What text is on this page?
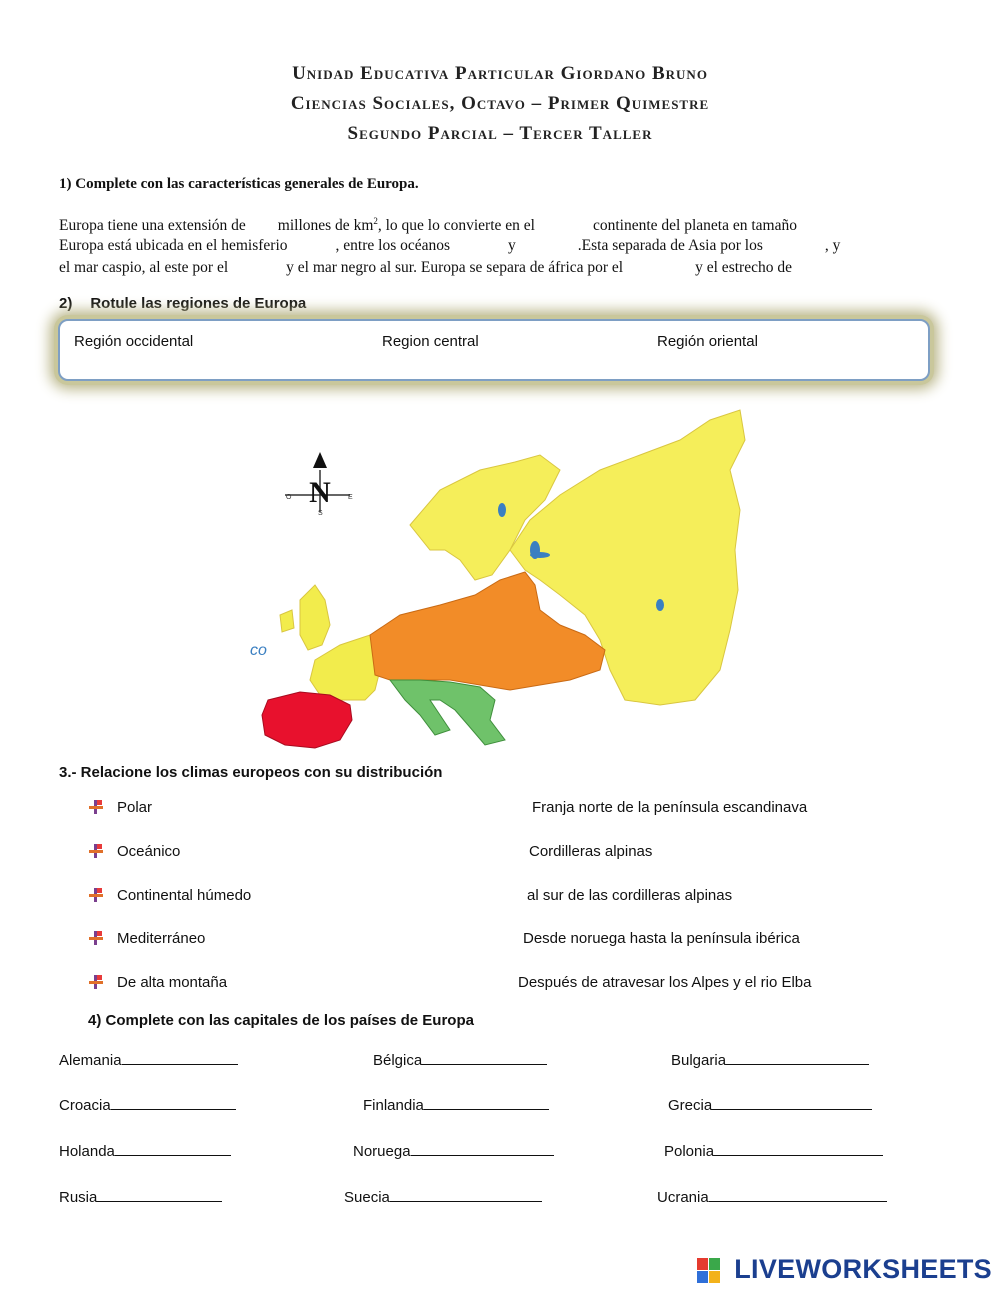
Unidad Educativa Particular Giordano Bruno
Ciencias Sociales, Octavo – Primer Quimestre
Segundo Parcial – Tercer Taller
1) Complete con las características generales de Europa.
Europa tiene una extensión de millones de $km^2$, lo que lo convierte en el	continente del planeta en tamaño
Europa está ubicada en el hemisferio	, entre los océanos	y	.Esta separada de Asia por los	, y
el mar caspio, al este por el	y el mar negro al sur. Europa se separa de áfrica por el	y el estrecho de
2) Rotule las regiones de Europa
Región occidental	Region central	Región oriental
N
O	E
S
co
3.- Relacione los climas europeos con su distribución
Polar	Franja norte de la península escandinava
Oceánico	Cordilleras alpinas
Continental húmedo	al sur de las cordilleras alpinas
Mediterráneo	Desde noruega hasta la península ibérica
De alta montaña	Después de atravesar los Alpes y el rio Elba
4) Complete con las capitales de los países de Europa
Alemania	Bélgica	Bulgaria
Croacia	Finlandia	Grecia
Holanda	Noruega	Polonia
Rusia	Suecia	Ucrania
LIVEWORKSHEETS
